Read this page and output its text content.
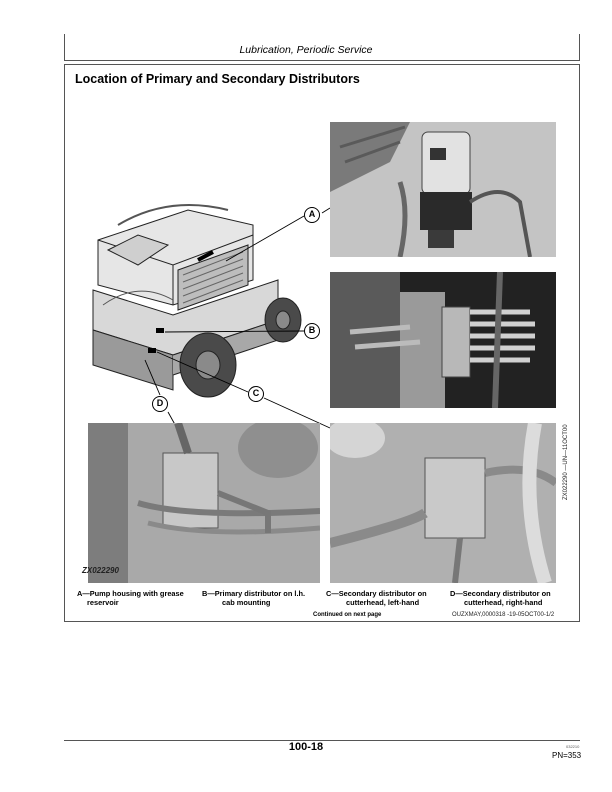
Lubrication, Periodic Service
Location of Primary and Secondary Distributors
A
B
C
D
ZX022290
ZX022290 —UN—11OCT00
A—Pump housing with grease
reservoir
B—Primary distributor on l.h.
cab mounting
C—Secondary distributor on
cutterhead, left-hand
D—Secondary distributor on
cutterhead, right-hand
Continued on next page	OUZXMAY,0000318 -19-05OCT00-1/2
100-18	032210
PN=353
